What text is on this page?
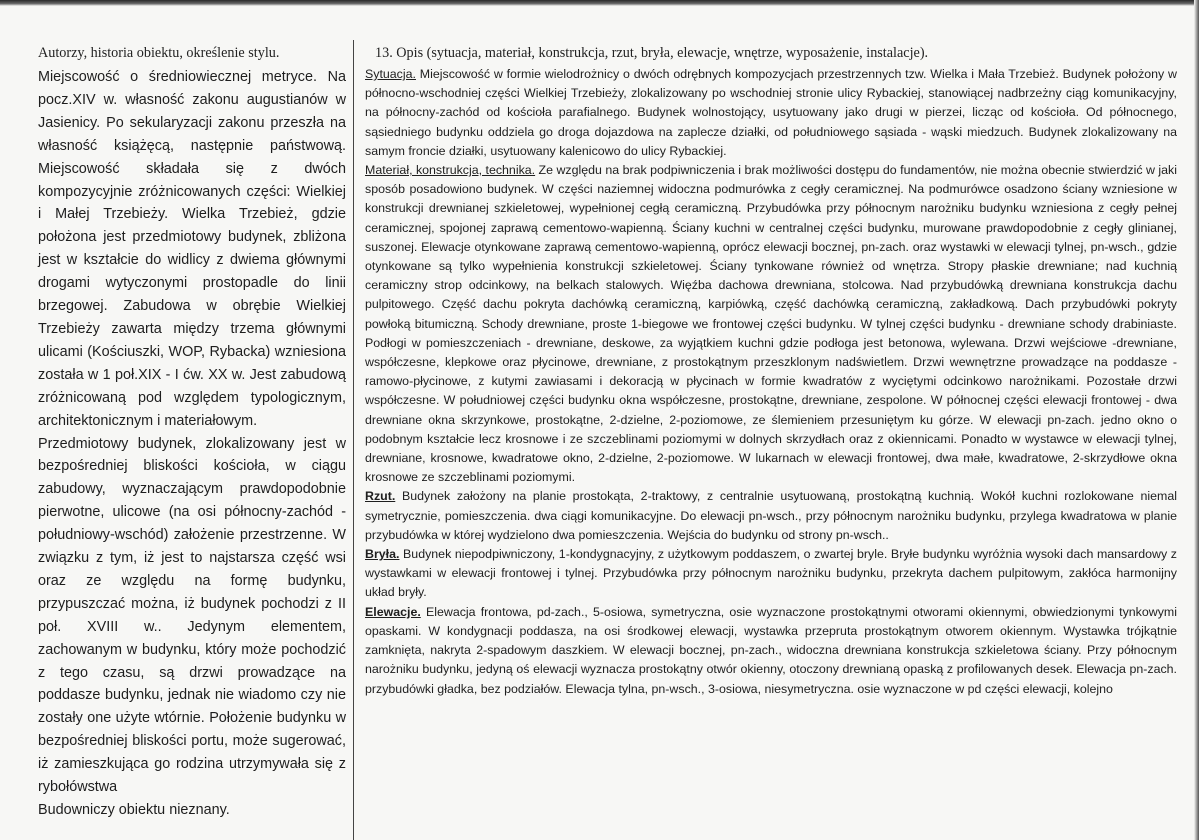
Autorzy, historia obiektu, określenie stylu.

Miejscowość o średniowiecznej metryce. Na pocz.XIV w. własność zakonu augustianów w Jasienicy. Po sekularyzacji zakonu przeszła na własność książęcą, następnie państwową. Miejscowość składała się z dwóch kompozycyjnie zróżnicowanych części: Wielkiej i Małej Trzebieży. Wielka Trzebież, gdzie położona jest przedmiotowy budynek, zbliżona jest w kształcie do widlicy z dwiema głównymi drogami wytyczonymi prostopadle do linii brzegowej. Zabudowa w obrębie Wielkiej Trzebieży zawarta między trzema głównymi ulicami (Kościuszki, WOP, Rybacka) wzniesiona została w 1 poł.XIX - I ćw. XX w. Jest zabudową zróżnicowaną pod względem typologicznym, architektonicznym i materiałowym.

Przedmiotowy budynek, zlokalizowany jest w bezpośredniej bliskości kościoła, w ciągu zabudowy, wyznaczającym prawdopodobnie pierwotne, ulicowe (na osi północny-zachód - południowy-wschód) założenie przestrzenne. W związku z tym, iż jest to najstarsza część wsi oraz ze względu na formę budynku, przypuszczać można, iż budynek pochodzi z II poł. XVIII w.. Jedynym elementem, zachowanym w budynku, który może pochodzić z tego czasu, są drzwi prowadzące na poddasze budynku, jednak nie wiadomo czy nie zostały one użyte wtórnie. Położenie budynku w bezpośredniej bliskości portu, może sugerować, iż zamieszkująca go rodzina utrzymywała się z rybołówstwa

Budowniczy obiektu nieznany.

13. Opis (sytuacja, materiał, konstrukcja, rzut, bryła, elewacje, wnętrze, wyposażenie, instalacje).

Sytuacja. Miejscowość w formie wielodrożnicy o dwóch odrębnych kompozycjach przestrzennych tzw. Wielka i Mała Trzebież. Budynek położony w północno-wschodniej części Wielkiej Trzebieży, zlokalizowany po wschodniej stronie ulicy Rybackiej, stanowiącej nadbrzeżny ciąg komunikacyjny, na północny-zachód od kościoła parafialnego. Budynek wolnostojący, usytuowany jako drugi w pierzei, licząc od kościoła. Od północnego, sąsiedniego budynku oddziela go droga dojazdowa na zaplecze działki, od południowego sąsiada - wąski miedzuch. Budynek zlokalizowany na samym froncie działki, usytuowany kalenicowo do ulicy Rybackiej.

Materiał, konstrukcja, technika. Ze względu na brak podpiwniczenia i brak możliwości dostępu do fundamentów, nie można obecnie stwierdzić w jaki sposób posadowiono budynek. W części naziemnej widoczna podmurówka z cegły ceramicznej. Na podmurówce osadzono ściany wzniesione w konstrukcji drewnianej szkieletowej, wypełnionej cegłą ceramiczną. Przybudówka przy północnym narożniku budynku wzniesiona z cegły pełnej ceramicznej, spojonej zaprawą cementowo-wapienną. Ściany kuchni w centralnej części budynku, murowane prawdopodobnie z cegły glinianej, suszonej. Elewacje otynkowane zaprawą cementowo-wapienną, oprócz elewacji bocznej, pn-zach. oraz wystawki w elewacji tylnej, pn-wsch., gdzie otynkowane są tylko wypełnienia konstrukcji szkieletowej. Ściany tynkowane również od wnętrza. Stropy płaskie drewniane; nad kuchnią ceramiczny strop odcinkowy, na belkach stalowych. Więźba dachowa drewniana, stolcowa. Nad przybudówką drewniana konstrukcja dachu pulpitowego. Część dachu pokryta dachówką ceramiczną, karpiówką, część dachówką ceramiczną, zakładkową. Dach przybudówki pokryty powłoką bitumiczną. Schody drewniane, proste 1-biegowe we frontowej części budynku. W tylnej części budynku - drewniane schody drabiniaste. Podłogi w pomieszczeniach - drewniane, deskowe, za wyjątkiem kuchni gdzie podłoga jest betonowa, wylewana. Drzwi wejściowe -drewniane, współczesne, klepkowe oraz płycinowe, drewniane, z prostokątnym przeszklonym nadświetlem. Drzwi wewnętrzne prowadzące na poddasze - ramowo-płycinowe, z kutymi zawiasami i dekoracją w płycinach w formie kwadratów z wyciętymi odcinkowo narożnikami. Pozostałe drzwi współczesne. W południowej części budynku okna współczesne, prostokątne, drewniane, zespolone. W północnej części elewacji frontowej - dwa drewniane okna skrzynkowe, prostokątne, 2-dzielne, 2-poziomowe, ze ślemieniem przesuniętym ku górze. W elewacji pn-zach. jedno okno o podobnym kształcie lecz krosnowe i ze szczeblinami poziomymi w dolnych skrzydłach oraz z okiennicami. Ponadto w wystawce w elewacji tylnej, drewniane, krosnowe, kwadratowe okno, 2-dzielne, 2-poziomowe. W lukarnach w elewacji frontowej, dwa małe, kwadratowe, 2-skrzydłowe okna krosnowe ze szczeblinami poziomymi.

Rzut. Budynek założony na planie prostokąta, 2-traktowy, z centralnie usytuowaną, prostokątną kuchnią. Wokół kuchni rozlokowane niemal symetrycznie, pomieszczenia. dwa ciągi komunikacyjne. Do elewacji pn-wsch., przy północnym narożniku budynku, przylega kwadratowa w planie przybudówka w której wydzielono dwa pomieszczenia. Wejścia do budynku od strony pn-wsch..

Bryła. Budynek niepodpiwniczony, 1-kondygnacyjny, z użytkowym poddaszem, o zwartej bryle. Bryłe budynku wyróżnia wysoki dach mansardowy z wystawkami w elewacji frontowej i tylnej. Przybudówka przy północnym narożniku budynku, przekryta dachem pulpitowym, zakłóca harmonijny układ bryły.

Elewacje. Elewacja frontowa, pd-zach., 5-osiowa, symetryczna, osie wyznaczone prostokątnymi otworami okiennymi, obwiedzionymi tynkowymi opaskami. W kondygnacji poddasza, na osi środkowej elewacji, wystawka przepruta prostokątnym otworem okiennym. Wystawka trójkątnie zamknięta, nakryta 2-spadowym daszkiem. W elewacji bocznej, pn-zach., widoczna drewniana konstrukcja szkieletowa ściany. Przy północnym narożniku budynku, jedyną oś elewacji wyznacza prostokątny otwór okienny, otoczony drewnianą opaską z profilowanych desek. Elewacja pn-zach. przybudówki gładka, bez podziałów. Elewacja tylna, pn-wsch., 3-osiowa, niesymetryczna. osie wyznaczone w pd części elewacji, kolejno
